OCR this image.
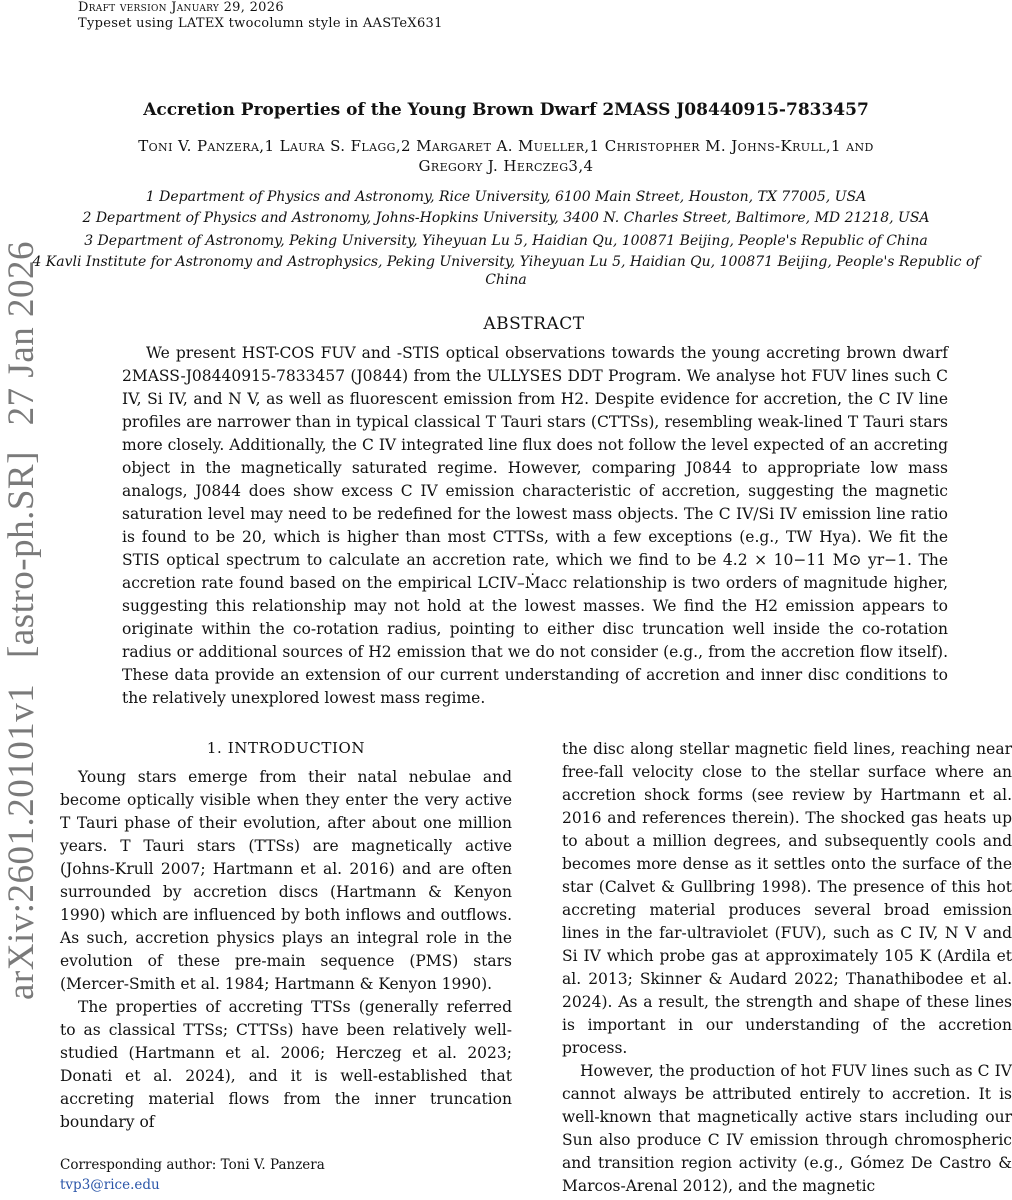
Draft version January 29, 2026
Typeset using LATEX twocolumn style in AASTeX631
arXiv:2601.20101v1 [astro-ph.SR] 27 Jan 2026
Accretion Properties of the Young Brown Dwarf 2MASS J08440915-7833457
Toni V. Panzera,1 Laura S. Flagg,2 Margaret A. Mueller,1 Christopher M. Johns-Krull,1 and
Gregory J. Herczeg3,4
1 Department of Physics and Astronomy, Rice University, 6100 Main Street, Houston, TX 77005, USA
2 Department of Physics and Astronomy, Johns-Hopkins University, 3400 N. Charles Street, Baltimore, MD 21218, USA
3 Department of Astronomy, Peking University, Yiheyuan Lu 5, Haidian Qu, 100871 Beijing, People's Republic of China
4 Kavli Institute for Astronomy and Astrophysics, Peking University, Yiheyuan Lu 5, Haidian Qu, 100871 Beijing, People's Republic of
China
ABSTRACT

We present HST-COS FUV and -STIS optical observations towards the young accreting brown dwarf 2MASS-J08440915-7833457 (J0844) from the ULLYSES DDT Program. We analyse hot FUV lines such C IV, Si IV, and N V, as well as fluorescent emission from H2. Despite evidence for accretion, the C IV line profiles are narrower than in typical classical T Tauri stars (CTTSs), resembling weak-lined T Tauri stars more closely. Additionally, the C IV integrated line flux does not follow the level expected of an accreting object in the magnetically saturated regime. However, comparing J0844 to appropriate low mass analogs, J0844 does show excess C IV emission characteristic of accretion, suggesting the magnetic saturation level may need to be redefined for the lowest mass objects. The C IV/Si IV emission line ratio is found to be 20, which is higher than most CTTSs, with a few exceptions (e.g., TW Hya). We fit the STIS optical spectrum to calculate an accretion rate, which we find to be 4.2 × 10−11 M⊙ yr−1. The accretion rate found based on the empirical LCIV–Ṁacc relationship is two orders of magnitude higher, suggesting this relationship may not hold at the lowest masses. We find the H2 emission appears to originate within the co-rotation radius, pointing to either disc truncation well inside the co-rotation radius or additional sources of H2 emission that we do not consider (e.g., from the accretion flow itself). These data provide an extension of our current understanding of accretion and inner disc conditions to the relatively unexplored lowest mass regime.

1. INTRODUCTION

Young stars emerge from their natal nebulae and become optically visible when they enter the very active T Tauri phase of their evolution, after about one million years. T Tauri stars (TTSs) are magnetically active (Johns-Krull 2007; Hartmann et al. 2016) and are often surrounded by accretion discs (Hartmann & Kenyon 1990) which are influenced by both inflows and outflows. As such, accretion physics plays an integral role in the evolution of these pre-main sequence (PMS) stars (Mercer-Smith et al. 1984; Hartmann & Kenyon 1990).

The properties of accreting TTSs (generally referred to as classical TTSs; CTTSs) have been relatively well-studied (Hartmann et al. 2006; Herczeg et al. 2023; Donati et al. 2024), and it is well-established that accreting material flows from the inner truncation boundary of

the disc along stellar magnetic field lines, reaching near free-fall velocity close to the stellar surface where an accretion shock forms (see review by Hartmann et al. 2016 and references therein). The shocked gas heats up to about a million degrees, and subsequently cools and becomes more dense as it settles onto the surface of the star (Calvet & Gullbring 1998). The presence of this hot accreting material produces several broad emission lines in the far-ultraviolet (FUV), such as C IV, N V and Si IV which probe gas at approximately 105 K (Ardila et al. 2013; Skinner & Audard 2022; Thanathibodee et al. 2024). As a result, the strength and shape of these lines is important in our understanding of the accretion process.

However, the production of hot FUV lines such as C IV cannot always be attributed entirely to accretion. It is well-known that magnetically active stars including our Sun also produce C IV emission through chromospheric and transition region activity (e.g., Gómez De Castro & Marcos-Arenal 2012), and the magnetic

Corresponding author: Toni V. Panzera
tvp3@rice.edu
